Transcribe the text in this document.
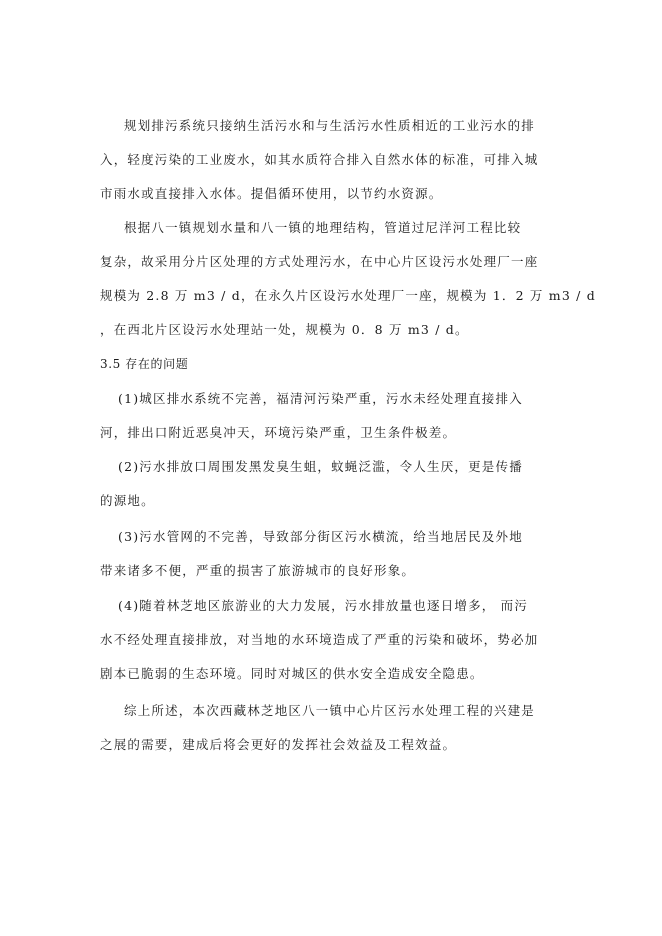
规划排污系统只接纳生活污水和与生活污水性质相近的工业污水的排
入，轻度污染的工业废水，如其水质符合排入自然水体的标准，可排入城
市雨水或直接排入水体。提倡循环使用，以节约水资源。
根据八一镇规划水量和八一镇的地理结构，管道过尼洋河工程比较
复杂，故采用分片区处理的方式处理污水，在中心片区设污水处理厂一座
规模为 2.8 万 m3 / d，在永久片区设污水处理厂一座，规模为 1．2 万 m3 / d
，在西北片区设污水处理站一处，规模为 0．8 万 m3 / d。
3.5 存在的问题
(1)城区排水系统不完善，福清河污染严重，污水未经处理直接排入
河，排出口附近恶臭冲天，环境污染严重，卫生条件极差。
(2)污水排放口周围发黑发臭生蛆，蚊蝇泛滥，令人生厌，更是传播
的源地。
(3)污水管网的不完善，导致部分街区污水横流，给当地居民及外地
带来诸多不便，严重的损害了旅游城市的良好形象。
(4)随着林芝地区旅游业的大力发展，污水排放量也逐日增多， 而污
水不经处理直接排放，对当地的水环境造成了严重的污染和破坏，势必加
剧本已脆弱的生态环境。同时对城区的供水安全造成安全隐患。
综上所述，本次西藏林芝地区八一镇中心片区污水处理工程的兴建是
之展的需要，建成后将会更好的发挥社会效益及工程效益。
